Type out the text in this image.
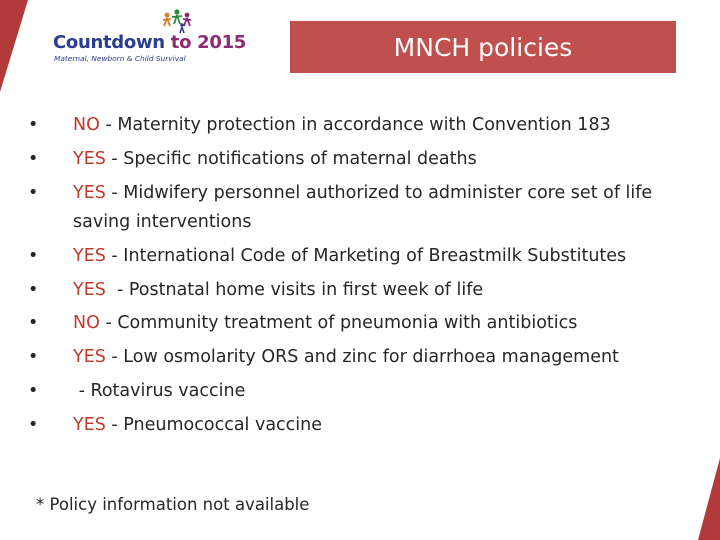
Countdown to 2015
Maternal, Newborn & Child Survival	MNCH policies
• NO - Maternity protection in accordance with Convention 183
• YES - Specific notifications of maternal deaths
• YES - Midwifery personnel authorized to administer core set of life saving interventions
• YES - International Code of Marketing of Breastmilk Substitutes
• YES  - Postnatal home visits in first week of life
• NO - Community treatment of pneumonia with antibiotics
• YES - Low osmolarity ORS and zinc for diarrhoea management
• - Rotavirus vaccine
• YES - Pneumococcal vaccine
* Policy information not available
